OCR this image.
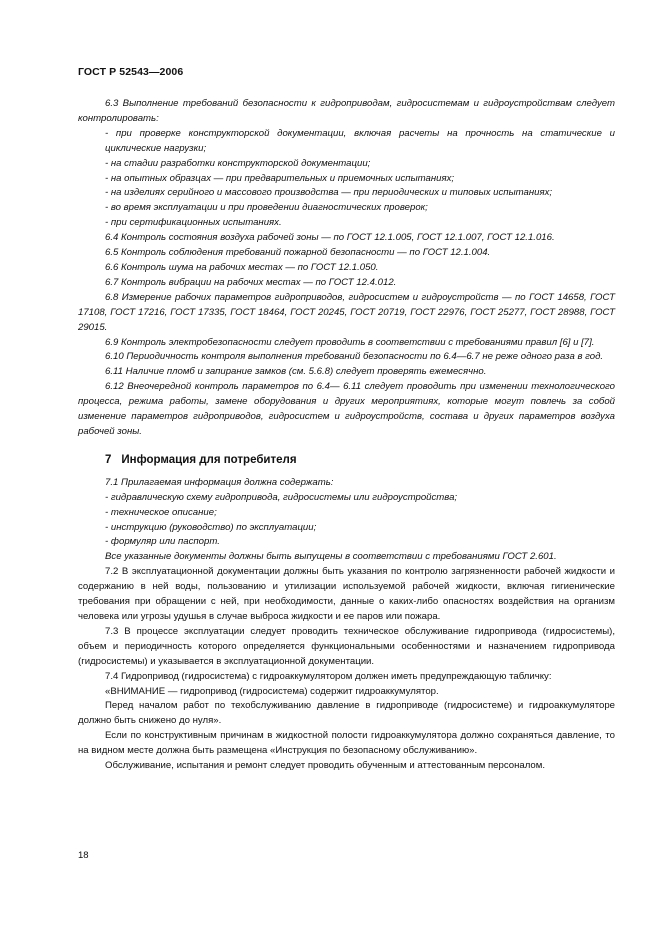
ГОСТ Р 52543—2006

6.3 Выполнение требований безопасности к гидроприводам, гидросистемам и гидроустройствам следует контролировать:

- при проверке конструкторской документации, включая расчеты на прочность на статические и циклические нагрузки;

- на стадии разработки конструкторской документации;

- на опытных образцах — при предварительных и приемочных испытаниях;

- на изделиях серийного и массового производства — при периодических и типовых испытаниях;

- во время эксплуатации и при проведении диагностических проверок;

- при сертификационных испытаниях.

6.4 Контроль состояния воздуха рабочей зоны — по ГОСТ 12.1.005, ГОСТ 12.1.007, ГОСТ 12.1.016.

6.5 Контроль соблюдения требований пожарной безопасности — по ГОСТ 12.1.004.

6.6 Контроль шума на рабочих местах — по ГОСТ 12.1.050.

6.7 Контроль вибрации на рабочих местах — по ГОСТ 12.4.012.

6.8 Измерение рабочих параметров гидроприводов, гидросистем и гидроустройств — по ГОСТ 14658, ГОСТ 17108, ГОСТ 17216, ГОСТ 17335, ГОСТ 18464, ГОСТ 20245, ГОСТ 20719, ГОСТ 22976, ГОСТ 25277, ГОСТ 28988, ГОСТ 29015.

6.9 Контроль электробезопасности следует проводить в соответствии с требованиями правил [6] и [7].

6.10 Периодичность контроля выполнения требований безопасности по 6.4—6.7 не реже одного раза в год.

6.11 Наличие пломб и запирание замков (см. 5.6.8) следует проверять ежемесячно.

6.12 Внеочередной контроль параметров по 6.4— 6.11 следует проводить при изменении технологического процесса, режима работы, замене оборудования и других мероприятиях, которые могут повлечь за собой изменение параметров гидроприводов, гидросистем и гидроустройств, состава и других параметров воздуха рабочей зоны.

7 Информация для потребителя

7.1 Прилагаемая информация должна содержать:

- гидравлическую схему гидропривода, гидросистемы или гидроустройства;

- техническое описание;

- инструкцию (руководство) по эксплуатации;

- формуляр или паспорт.

Все указанные документы должны быть выпущены в соответствии с требованиями ГОСТ 2.601.

7.2 В эксплуатационной документации должны быть указания по контролю загрязненности рабочей жидкости и содержанию в ней воды, пользованию и утилизации используемой рабочей жидкости, включая гигиенические требования при обращении с ней, при необходимости, данные о каких-либо опасностях воздействия на организм человека или угрозы удушья в случае выброса жидкости и ее паров или пожара.

7.3 В процессе эксплуатации следует проводить техническое обслуживание гидропривода (гидросистемы), объем и периодичность которого определяется функциональными особенностями и назначением гидропривода (гидросистемы) и указывается в эксплуатационной документации.

7.4 Гидропривод (гидросистема) с гидроаккумулятором должен иметь предупреждающую табличку:

«ВНИМАНИЕ — гидропривод (гидросистема) содержит гидроаккумулятор.

Перед началом работ по техобслуживанию давление в гидроприводе (гидросистеме) и гидроаккумуляторе должно быть снижено до нуля».

Если по конструктивным причинам в жидкостной полости гидроаккумулятора должно сохраняться давление, то на видном месте должна быть размещена «Инструкция по безопасному обслуживанию».

Обслуживание, испытания и ремонт следует проводить обученным и аттестованным персоналом.

18
